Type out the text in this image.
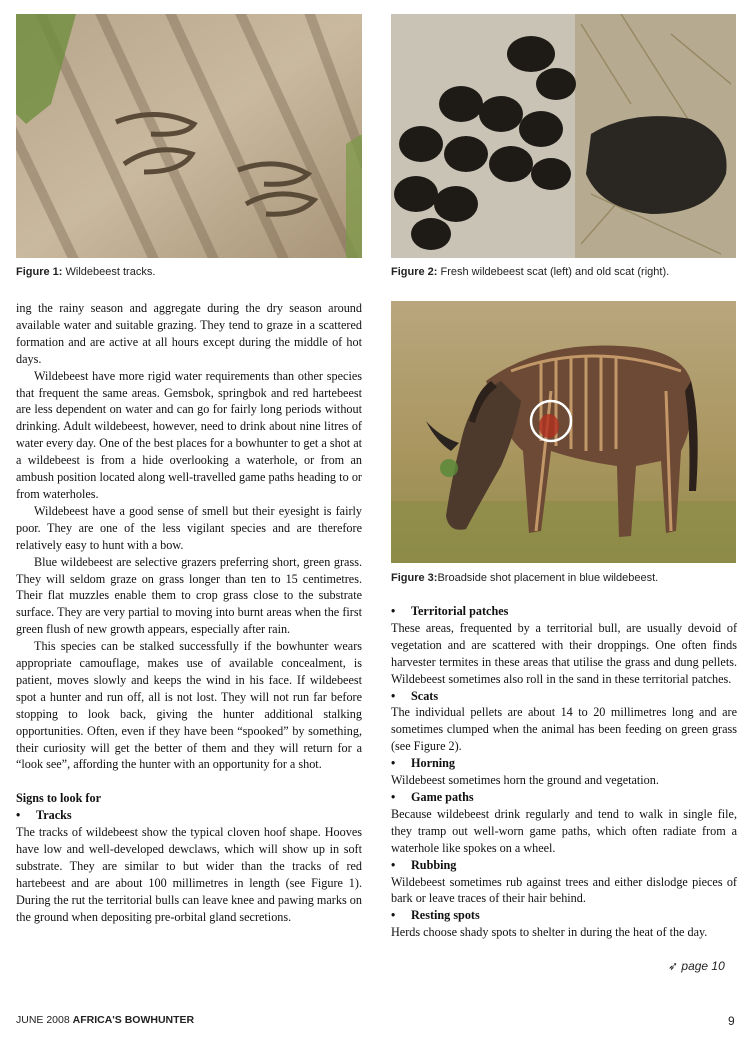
Figure 1: Wildebeest tracks.	Figure 2: Fresh wildebeest scat (left) and old scat (right).
Figure 3:Broadside shot placement in blue wildebeest.

ing the rainy season and aggregate during the dry season around available water and suitable grazing. They tend to graze in a scattered formation and are active at all hours except during the middle of hot days.

Wildebeest have more rigid water requirements than other species that frequent the same areas. Gemsbok, springbok and red hartebeest are less dependent on water and can go for fairly long periods without drinking. Adult wildebeest, however, need to drink about nine litres of water every day. One of the best places for a bowhunter to get a shot at a wildebeest is from a hide overlooking a waterhole, or from an ambush position located along well-travelled game paths heading to or from waterholes.

Wildebeest have a good sense of smell but their eyesight is fairly poor. They are one of the less vigilant species and are therefore relatively easy to hunt with a bow.

Blue wildebeest are selective grazers preferring short, green grass. They will seldom graze on grass longer than ten to 15 centimetres. Their flat muzzles enable them to crop grass close to the substrate surface. They are very partial to moving into burnt areas when the first green flush of new growth appears, especially after rain.

This species can be stalked successfully if the bowhunter wears appropriate camouflage, makes use of available concealment, is patient, moves slowly and keeps the wind in his face. If wildebeest spot a hunter and run off, all is not lost. They will not run far before stopping to look back, giving the hunter additional stalking opportunities. Often, even if they have been “spooked” by something, their curiosity will get the better of them and they will return for a “look see”, affording the hunter with an opportunity for a shot.

Signs to look for

• Tracks

The tracks of wildebeest show the typical cloven hoof shape. Hooves have low and well-developed dewclaws, which will show up in soft substrate. They are similar to but wider than the tracks of red hartebeest and are about 100 millimetres in length (see Figure 1). During the rut the territorial bulls can leave knee and pawing marks on the ground when depositing pre-orbital gland secretions.

• Territorial patches

These areas, frequented by a territorial bull, are usually devoid of vegetation and are scattered with their droppings. One often finds harvester termites in these areas that utilise the grass and dung pellets. Wildebeest sometimes also roll in the sand in these territorial patches.

• Scats

The individual pellets are about 14 to 20 millimetres long and are sometimes clumped when the animal has been feeding on green grass (see Figure 2).

• Horning

Wildebeest sometimes horn the ground and vegetation.

• Game paths

Because wildebeest drink regularly and tend to walk in single file, they tramp out well-worn game paths, which often radiate from a waterhole like spokes on a wheel.

• Rubbing

Wildebeest sometimes rub against trees and either dislodge pieces of bark or leave traces of their hair behind.

• Resting spots

Herds choose shady spots to shelter in during the heat of the day.

➶ page 10
JUNE 2008 AFRICA'S BOWHUNTER	9
